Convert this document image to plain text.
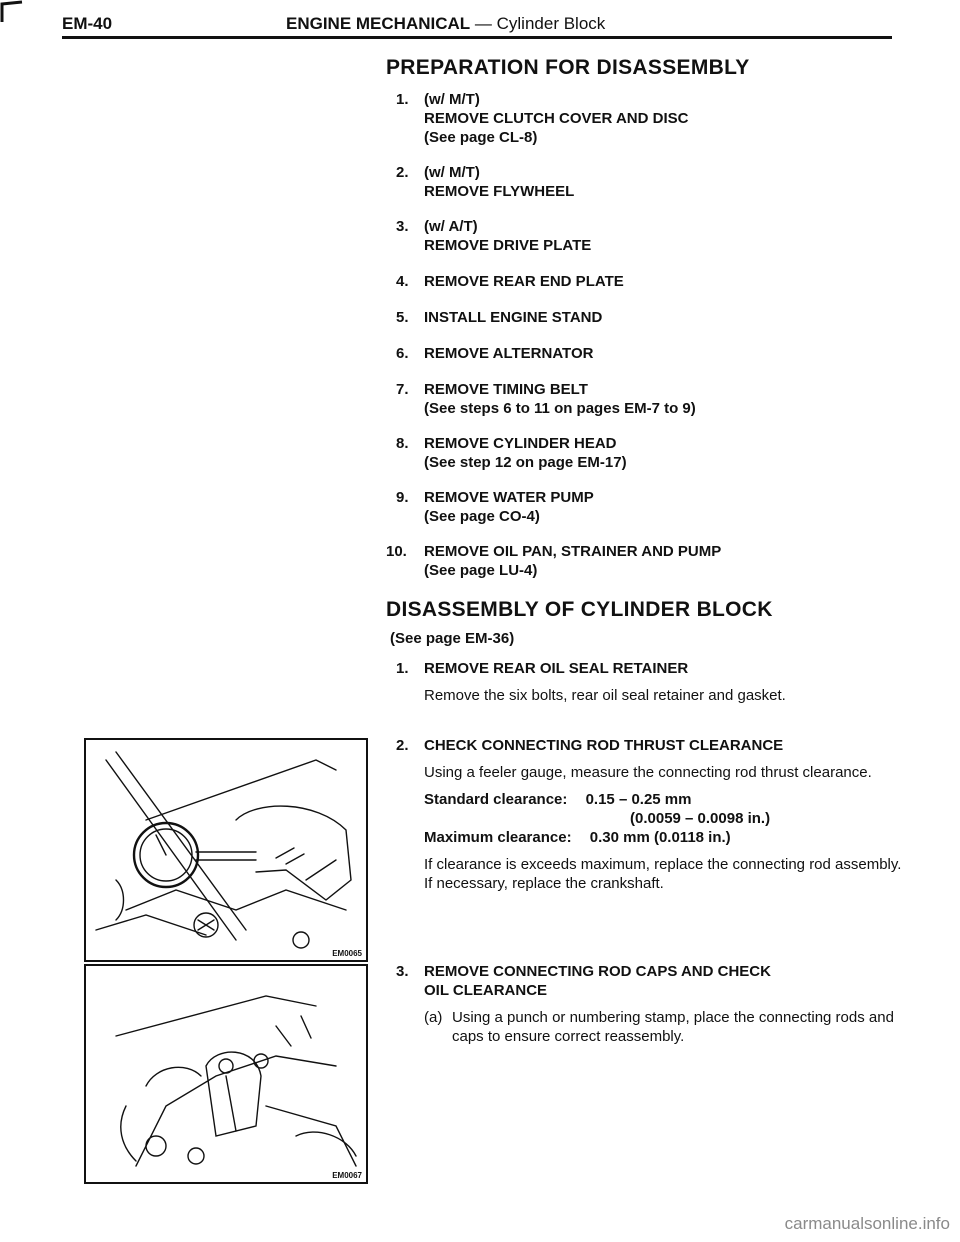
EM-40	ENGINE MECHANICAL — Cylinder Block
PREPARATION FOR DISASSEMBLY
1. (w/ M/T)
REMOVE CLUTCH COVER AND DISC
(See page CL-8)
2. (w/ M/T)
REMOVE FLYWHEEL
3. (w/ A/T)
REMOVE DRIVE PLATE
4. REMOVE REAR END PLATE
5. INSTALL ENGINE STAND
6. REMOVE ALTERNATOR
7. REMOVE TIMING BELT
(See steps 6 to 11 on pages EM-7 to 9)
8. REMOVE CYLINDER HEAD
(See step 12 on page EM-17)
9. REMOVE WATER PUMP
(See page CO-4)
10. REMOVE OIL PAN, STRAINER AND PUMP
(See page LU-4)
DISASSEMBLY OF CYLINDER BLOCK
(See page EM-36)
1. REMOVE REAR OIL SEAL RETAINER
Remove the six bolts, rear oil seal retainer and gasket.
2. CHECK CONNECTING ROD THRUST CLEARANCE

Using a feeler gauge, measure the connecting rod thrust clearance.

Standard clearance: 0.15 – 0.25 mm
(0.0059 – 0.0098 in.)
Maximum clearance: 0.30 mm (0.0118 in.)

If clearance is exceeds maximum, replace the connecting rod assembly. If necessary, replace the crankshaft.

3. REMOVE CONNECTING ROD CAPS AND CHECK
OIL CLEARANCE
(a) Using a punch or numbering stamp, place the connecting rods and caps to ensure correct reassembly.
EM0065
EM0067
carmanualsonline.info
